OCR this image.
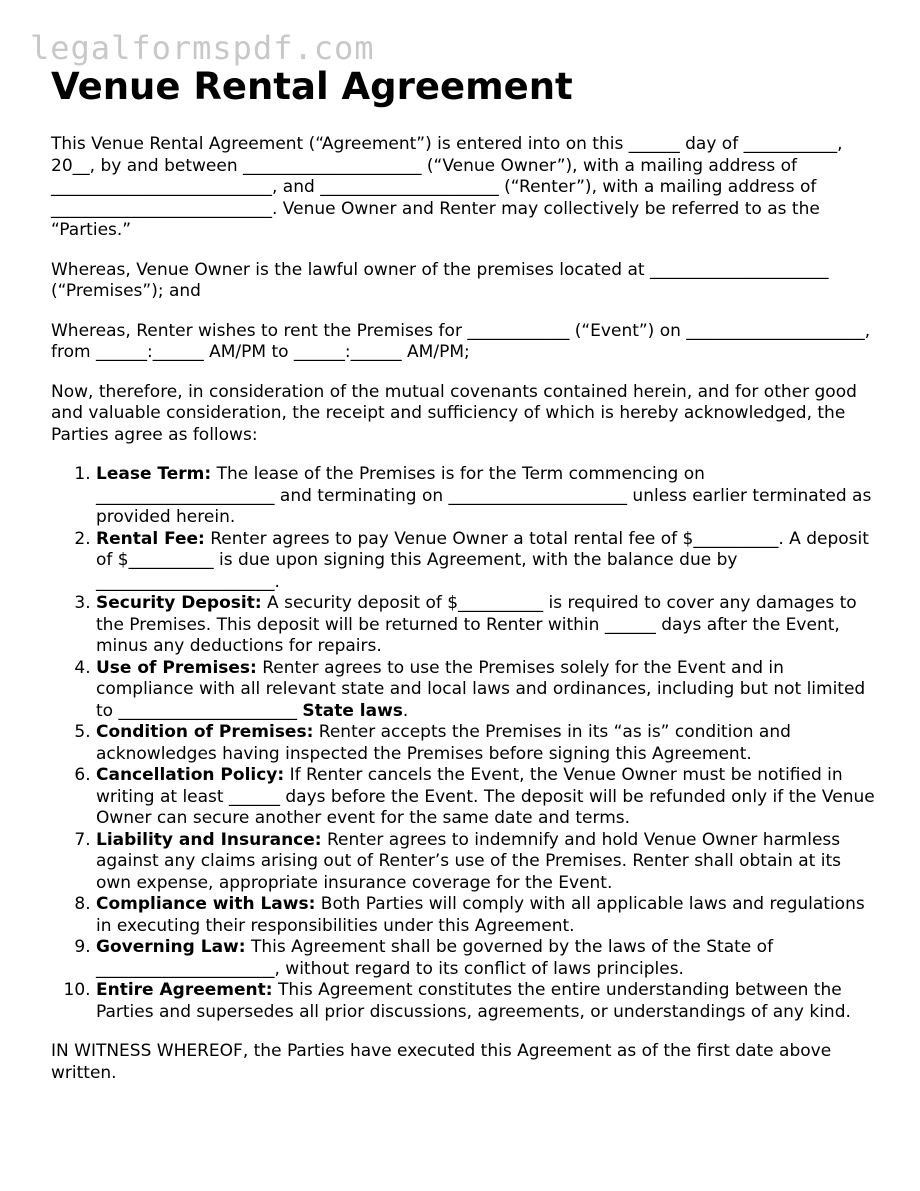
legalformspdf.com
Venue Rental Agreement

This Venue Rental Agreement (“Agreement”) is entered into on this ______ day of ___________, 20__, by and between _____________________ (“Venue Owner”), with a mailing address of __________________________, and _____________________ (“Renter”), with a mailing address of __________________________. Venue Owner and Renter may collectively be referred to as the “Parties.”

Whereas, Venue Owner is the lawful owner of the premises located at _____________________ (“Premises”); and

Whereas, Renter wishes to rent the Premises for ____________ (“Event”) on _____________________, from ______:______ AM/PM to ______:______ AM/PM;

Now, therefore, in consideration of the mutual covenants contained herein, and for other good and valuable consideration, the receipt and sufficiency of which is hereby acknowledged, the Parties agree as follows:

1. Lease Term: The lease of the Premises is for the Term commencing on _____________________ and terminating on _____________________ unless earlier terminated as provided herein.
2. Rental Fee: Renter agrees to pay Venue Owner a total rental fee of $__________. A deposit of $__________ is due upon signing this Agreement, with the balance due by _____________________.
3. Security Deposit: A security deposit of $__________ is required to cover any damages to the Premises. This deposit will be returned to Renter within ______ days after the Event, minus any deductions for repairs.
4. Use of Premises: Renter agrees to use the Premises solely for the Event and in compliance with all relevant state and local laws and ordinances, including but not limited to _____________________ State laws.
5. Condition of Premises: Renter accepts the Premises in its “as is” condition and acknowledges having inspected the Premises before signing this Agreement.
6. Cancellation Policy: If Renter cancels the Event, the Venue Owner must be notified in writing at least ______ days before the Event. The deposit will be refunded only if the Venue Owner can secure another event for the same date and terms.
7. Liability and Insurance: Renter agrees to indemnify and hold Venue Owner harmless against any claims arising out of Renter’s use of the Premises. Renter shall obtain at its own expense, appropriate insurance coverage for the Event.
8. Compliance with Laws: Both Parties will comply with all applicable laws and regulations in executing their responsibilities under this Agreement.
9. Governing Law: This Agreement shall be governed by the laws of the State of _____________________, without regard to its conflict of laws principles.
10. Entire Agreement: This Agreement constitutes the entire understanding between the Parties and supersedes all prior discussions, agreements, or understandings of any kind.

IN WITNESS WHEREOF, the Parties have executed this Agreement as of the first date above written.
